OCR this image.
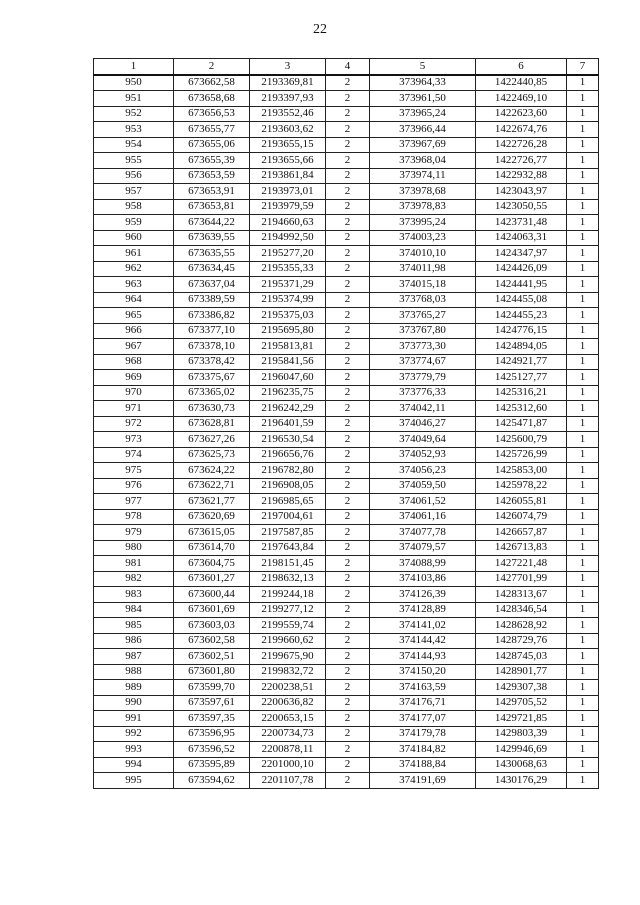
22
1	2	3	4	5	6	7
950	673662,58	2193369,81	2	373964,33	1422440,85	1
951	673658,68	2193397,93	2	373961,50	1422469,10	1
952	673656,53	2193552,46	2	373965,24	1422623,60	1
953	673655,77	2193603,62	2	373966,44	1422674,76	1
954	673655,06	2193655,15	2	373967,69	1422726,28	1
955	673655,39	2193655,66	2	373968,04	1422726,77	1
956	673653,59	2193861,84	2	373974,11	1422932,88	1
957	673653,91	2193973,01	2	373978,68	1423043,97	1
958	673653,81	2193979,59	2	373978,83	1423050,55	1
959	673644,22	2194660,63	2	373995,24	1423731,48	1
960	673639,55	2194992,50	2	374003,23	1424063,31	1
961	673635,55	2195277,20	2	374010,10	1424347,97	1
962	673634,45	2195355,33	2	374011,98	1424426,09	1
963	673637,04	2195371,29	2	374015,18	1424441,95	1
964	673389,59	2195374,99	2	373768,03	1424455,08	1
965	673386,82	2195375,03	2	373765,27	1424455,23	1
966	673377,10	2195695,80	2	373767,80	1424776,15	1
967	673378,10	2195813,81	2	373773,30	1424894,05	1
968	673378,42	2195841,56	2	373774,67	1424921,77	1
969	673375,67	2196047,60	2	373779,79	1425127,77	1
970	673365,02	2196235,75	2	373776,33	1425316,21	1
971	673630,73	2196242,29	2	374042,11	1425312,60	1
972	673628,81	2196401,59	2	374046,27	1425471,87	1
973	673627,26	2196530,54	2	374049,64	1425600,79	1
974	673625,73	2196656,76	2	374052,93	1425726,99	1
975	673624,22	2196782,80	2	374056,23	1425853,00	1
976	673622,71	2196908,05	2	374059,50	1425978,22	1
977	673621,77	2196985,65	2	374061,52	1426055,81	1
978	673620,69	2197004,61	2	374061,16	1426074,79	1
979	673615,05	2197587,85	2	374077,78	1426657,87	1
980	673614,70	2197643,84	2	374079,57	1426713,83	1
981	673604,75	2198151,45	2	374088,99	1427221,48	1
982	673601,27	2198632,13	2	374103,86	1427701,99	1
983	673600,44	2199244,18	2	374126,39	1428313,67	1
984	673601,69	2199277,12	2	374128,89	1428346,54	1
985	673603,03	2199559,74	2	374141,02	1428628,92	1
986	673602,58	2199660,62	2	374144,42	1428729,76	1
987	673602,51	2199675,90	2	374144,93	1428745,03	1
988	673601,80	2199832,72	2	374150,20	1428901,77	1
989	673599,70	2200238,51	2	374163,59	1429307,38	1
990	673597,61	2200636,82	2	374176,71	1429705,52	1
991	673597,35	2200653,15	2	374177,07	1429721,85	1
992	673596,95	2200734,73	2	374179,78	1429803,39	1
993	673596,52	2200878,11	2	374184,82	1429946,69	1
994	673595,89	2201000,10	2	374188,84	1430068,63	1
995	673594,62	2201107,78	2	374191,69	1430176,29	1
